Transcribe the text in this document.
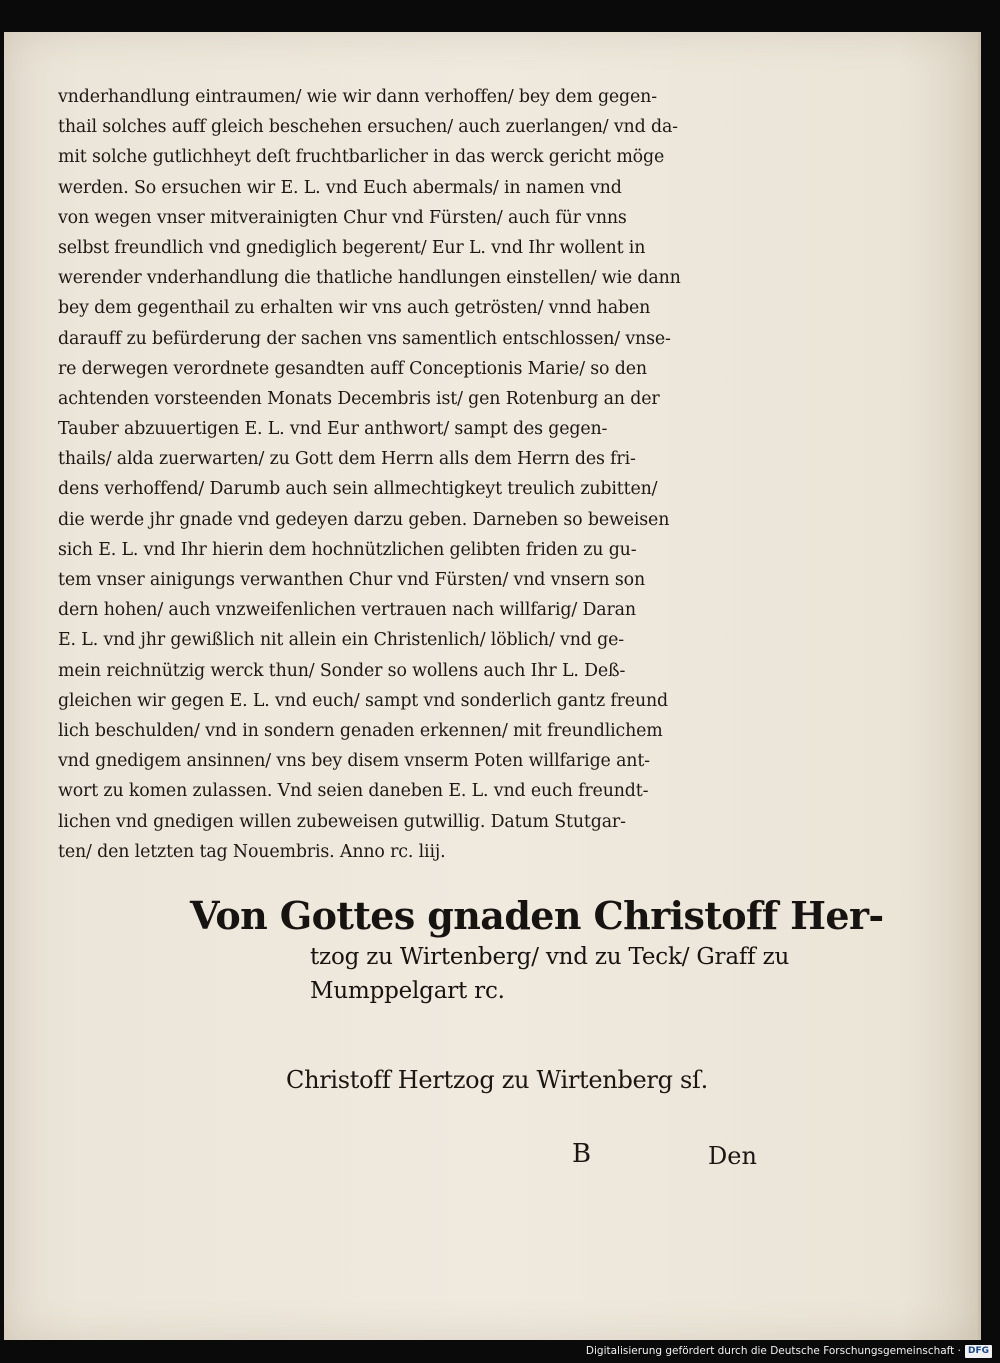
vnderhandlung eintraumen/ wie wir dann verhoffen/ bey dem gegen-
thail solches auff gleich beschehen ersuchen/ auch zuerlangen/ vnd da-
mit solche gutlichheyt deſt fruchtbarlicher in das werck gericht möge
werden. So ersuchen wir E. L. vnd Euch abermals/ in namen vnd
von wegen vnser mitverainigten Chur vnd Fürsten/ auch für vnns
selbst freundlich vnd gnediglich begerent/ Eur L. vnd Ihr wollent in
werender vnderhandlung die thatliche handlungen einstellen/ wie dann
bey dem gegenthail zu erhalten wir vns auch getrösten/ vnnd haben
darauff zu befürderung der sachen vns samentlich entschlossen/ vnse-
re derwegen verordnete gesandten auff Conceptionis Marie/ so den
achtenden vorsteenden Monats Decembris ist/ gen Rotenburg an der
Tauber abzuuertigen E. L. vnd Eur anthwort/ sampt des gegen-
thails/ alda zuerwarten/ zu Gott dem Herrn alls dem Herrn des fri-
dens verhoffend/ Darumb auch sein allmechtigkeyt treulich zubitten/
die werde jhr gnade vnd gedeyen darzu geben. Darneben so beweisen
sich E. L. vnd Ihr hierin dem hochnützlichen gelibten friden zu gu-
tem vnser ainigungs verwanthen Chur vnd Fürsten/ vnd vnsern son
dern hohen/ auch vnzweifenlichen vertrauen nach willfarig/ Daran
E. L. vnd jhr gewißlich nit allein ein Christenlich/ löblich/ vnd ge-
mein reichnützig werck thun/ Sonder so wollens auch Ihr L. Deß-
gleichen wir gegen E. L. vnd euch/ sampt vnd sonderlich gantz freund
lich beschulden/ vnd in sondern genaden erkennen/ mit freundlichem
vnd gnedigem ansinnen/ vns bey disem vnserm Poten willfarige ant-
wort zu komen zulassen. Vnd seien daneben E. L. vnd euch freundt-
lichen vnd gnedigen willen zubeweisen gutwillig. Datum Stutgar-
ten/ den letzten tag Nouembris. Anno rc. liij.
Von Gottes gnaden Christoff Her-
tzog zu Wirtenberg/ vnd zu Teck/ Graff zu
Mumppelgart rc.
Christoff Hertzog zu Wirtenberg sſ.
B	Den
Digitalisierung gefördert durch die Deutsche Forschungsgemeinschaft · DFG
